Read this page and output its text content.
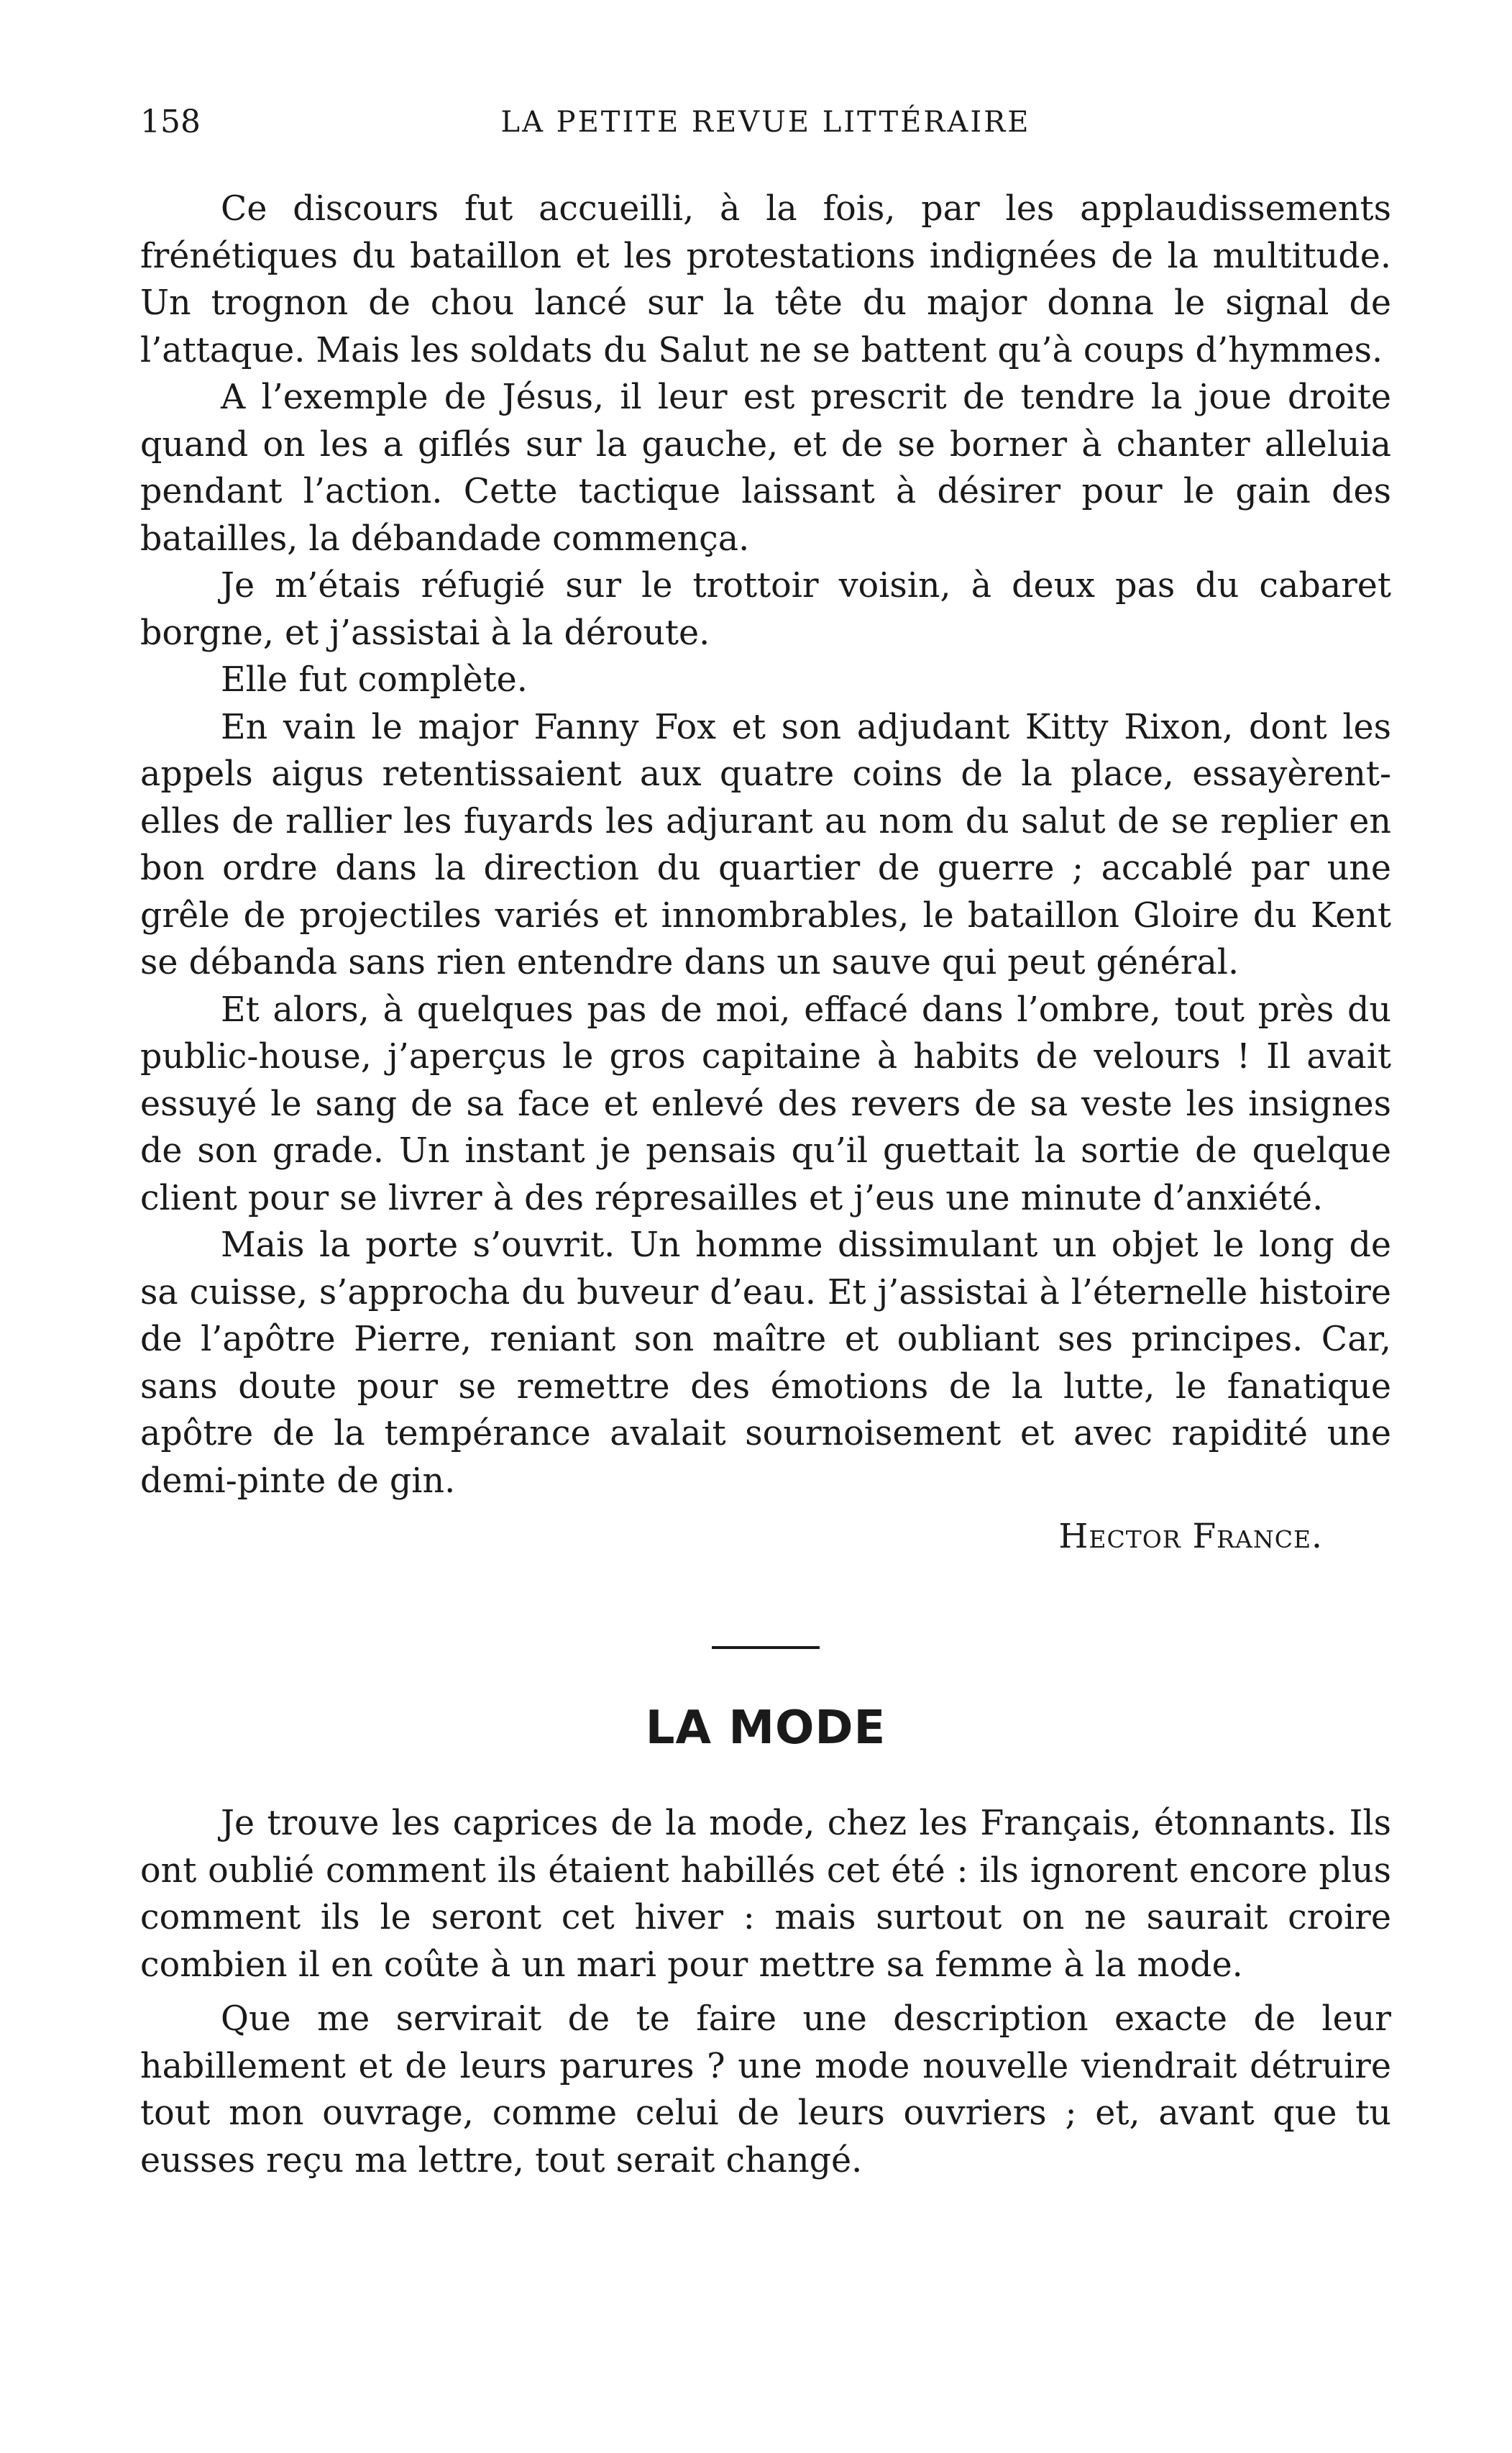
158	LA PETITE REVUE LITTÉRAIRE

Ce discours fut accueilli, à la fois, par les applaudissements frénétiques du bataillon et les protestations indignées de la multitude. Un trognon de chou lancé sur la tête du major donna le signal de l’attaque. Mais les soldats du Salut ne se battent qu’à coups d’hymmes.

A l’exemple de Jésus, il leur est prescrit de tendre la joue droite quand on les a giflés sur la gauche, et de se borner à chanter alleluia pendant l’action. Cette tactique laissant à désirer pour le gain des batailles, la débandade commença.

Je m’étais réfugié sur le trottoir voisin, à deux pas du cabaret borgne, et j’assistai à la déroute.

Elle fut complète.

En vain le major Fanny Fox et son adjudant Kitty Rixon, dont les appels aigus retentissaient aux quatre coins de la place, essayèrent-elles de rallier les fuyards les adjurant au nom du salut de se replier en bon ordre dans la direction du quartier de guerre ; accablé par une grêle de projectiles variés et innombrables, le bataillon Gloire du Kent se débanda sans rien entendre dans un sauve qui peut général.

Et alors, à quelques pas de moi, effacé dans l’ombre, tout près du public-house, j’aperçus le gros capitaine à habits de velours ! Il avait essuyé le sang de sa face et enlevé des revers de sa veste les insignes de son grade. Un instant je pensais qu’il guettait la sortie de quelque client pour se livrer à des répresailles et j’eus une minute d’anxiété.

Mais la porte s’ouvrit. Un homme dissimulant un objet le long de sa cuisse, s’approcha du buveur d’eau. Et j’assistai à l’éternelle histoire de l’apôtre Pierre, reniant son maître et oubliant ses principes. Car, sans doute pour se remettre des émotions de la lutte, le fanatique apôtre de la tempérance avalait sournoisement et avec rapidité une demi-pinte de gin.

Hector France.
LA MODE

Je trouve les caprices de la mode, chez les Français, étonnants. Ils ont oublié comment ils étaient habillés cet été : ils ignorent encore plus comment ils le seront cet hiver : mais surtout on ne saurait croire combien il en coûte à un mari pour mettre sa femme à la mode.

Que me servirait de te faire une description exacte de leur habillement et de leurs parures ? une mode nouvelle viendrait détruire tout mon ouvrage, comme celui de leurs ouvriers ; et, avant que tu eusses reçu ma lettre, tout serait changé.
